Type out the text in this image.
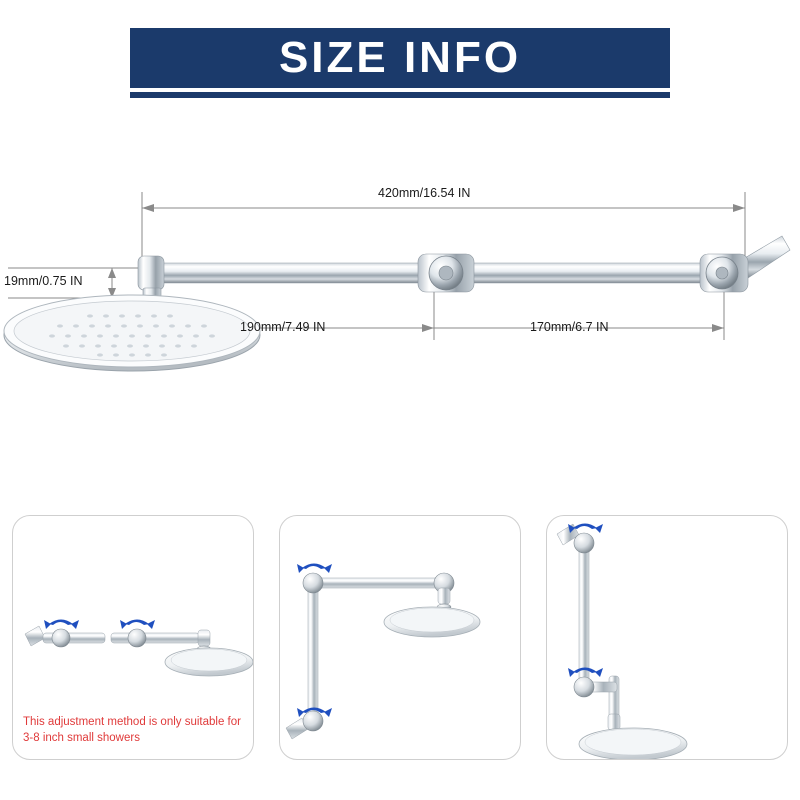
SIZE INFO
420mm/16.54 IN
19mm/0.75 IN
190mm/7.49 IN	170mm/6.7 IN
This adjustment method is only suitable for 3-8 inch small showers
